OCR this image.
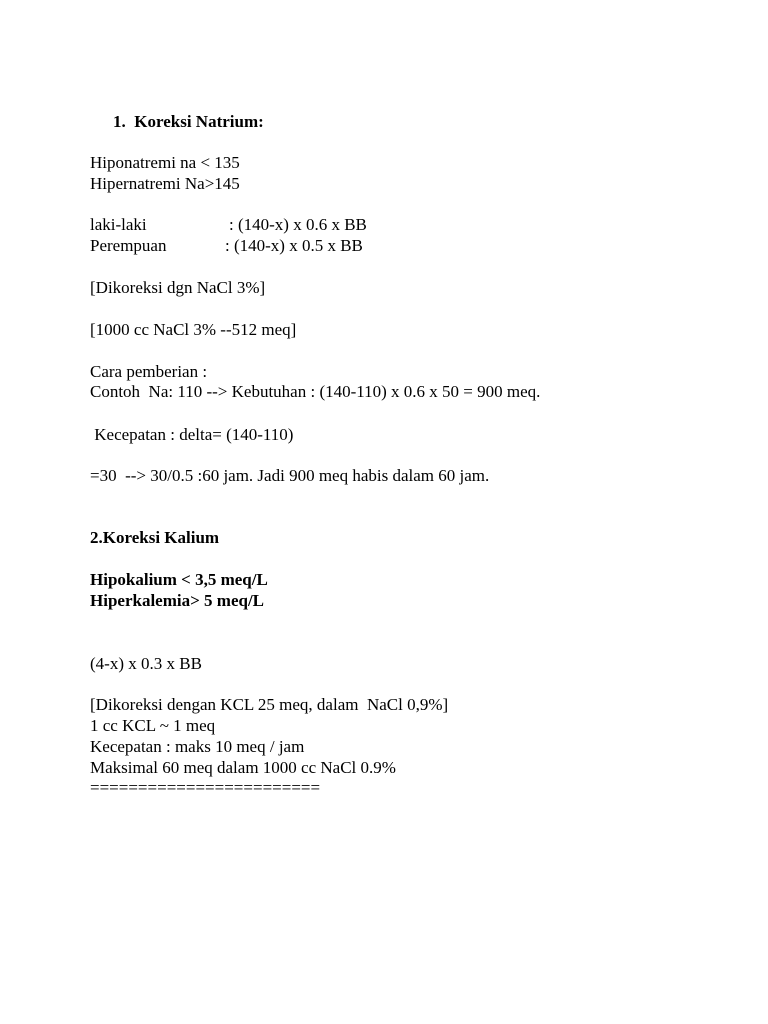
1. Koreksi Natrium:
Hiponatremi na < 135
Hipernatremi Na>145
laki-laki	: (140-x) x 0.6 x BB
Perempuan	: (140-x) x 0.5 x BB
[Dikoreksi dgn NaCl 3%]
[1000 cc NaCl 3% --512 meq]
Cara pemberian :
Contoh  Na: 110 --> Kebutuhan : (140-110) x 0.6 x 50 = 900 meq.
Kecepatan : delta= (140-110)
=30  --> 30/0.5 :60 jam. Jadi 900 meq habis dalam 60 jam.
2.Koreksi Kalium
Hipokalium < 3,5 meq/L
Hiperkalemia> 5 meq/L
(4-x) x 0.3 x BB
[Dikoreksi dengan KCL 25 meq, dalam  NaCl 0,9%]
1 cc KCL ~ 1 meq
Kecepatan : maks 10 meq / jam
Maksimal 60 meq dalam 1000 cc NaCl 0.9%
========================
